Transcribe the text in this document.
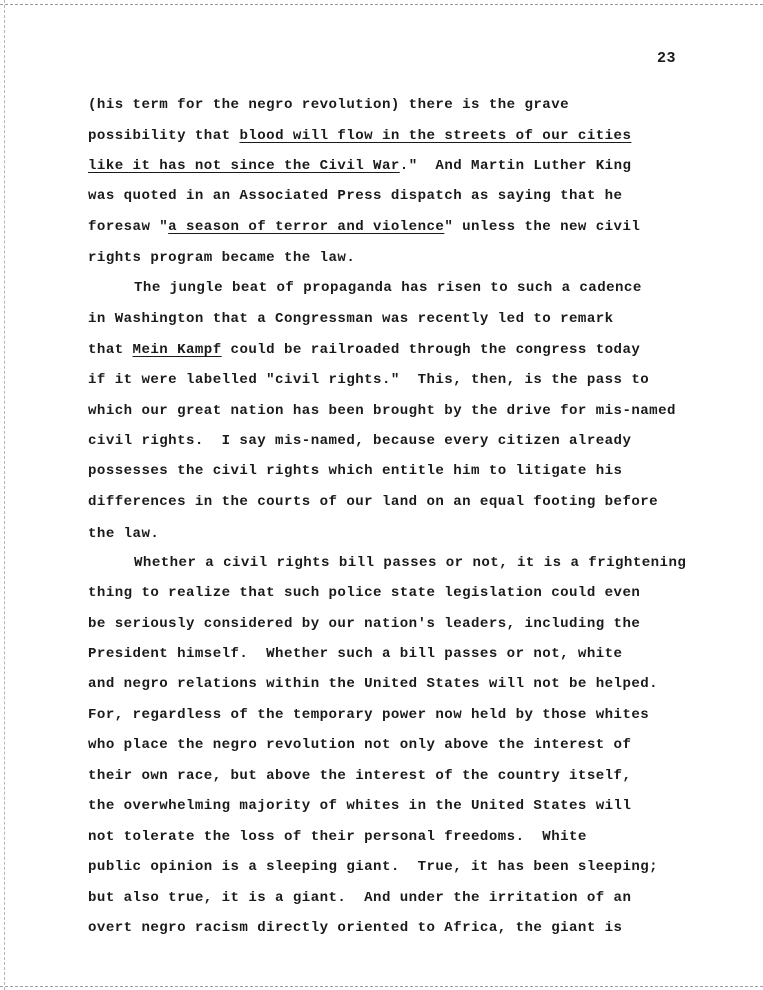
23
(his term for the negro revolution) there is the grave
possibility that blood will flow in the streets of our cities
like it has not since the Civil War."  And Martin Luther King
was quoted in an Associated Press dispatch as saying that he
foresaw "a season of terror and violence" unless the new civil
rights program became the law.
The jungle beat of propaganda has risen to such a cadence
in Washington that a Congressman was recently led to remark
that Mein Kampf could be railroaded through the congress today
if it were labelled "civil rights."  This, then, is the pass to
which our great nation has been brought by the drive for mis-named
civil rights.  I say mis-named, because every citizen already
possesses the civil rights which entitle him to litigate his
differences in the courts of our land on an equal footing before
the law.
Whether a civil rights bill passes or not, it is a frightening
thing to realize that such police state legislation could even
be seriously considered by our nation's leaders, including the
President himself.  Whether such a bill passes or not, white
and negro relations within the United States will not be helped.
For, regardless of the temporary power now held by those whites
who place the negro revolution not only above the interest of
their own race, but above the interest of the country itself,
the overwhelming majority of whites in the United States will
not tolerate the loss of their personal freedoms.  White
public opinion is a sleeping giant.  True, it has been sleeping;
but also true, it is a giant.  And under the irritation of an
overt negro racism directly oriented to Africa, the giant is
